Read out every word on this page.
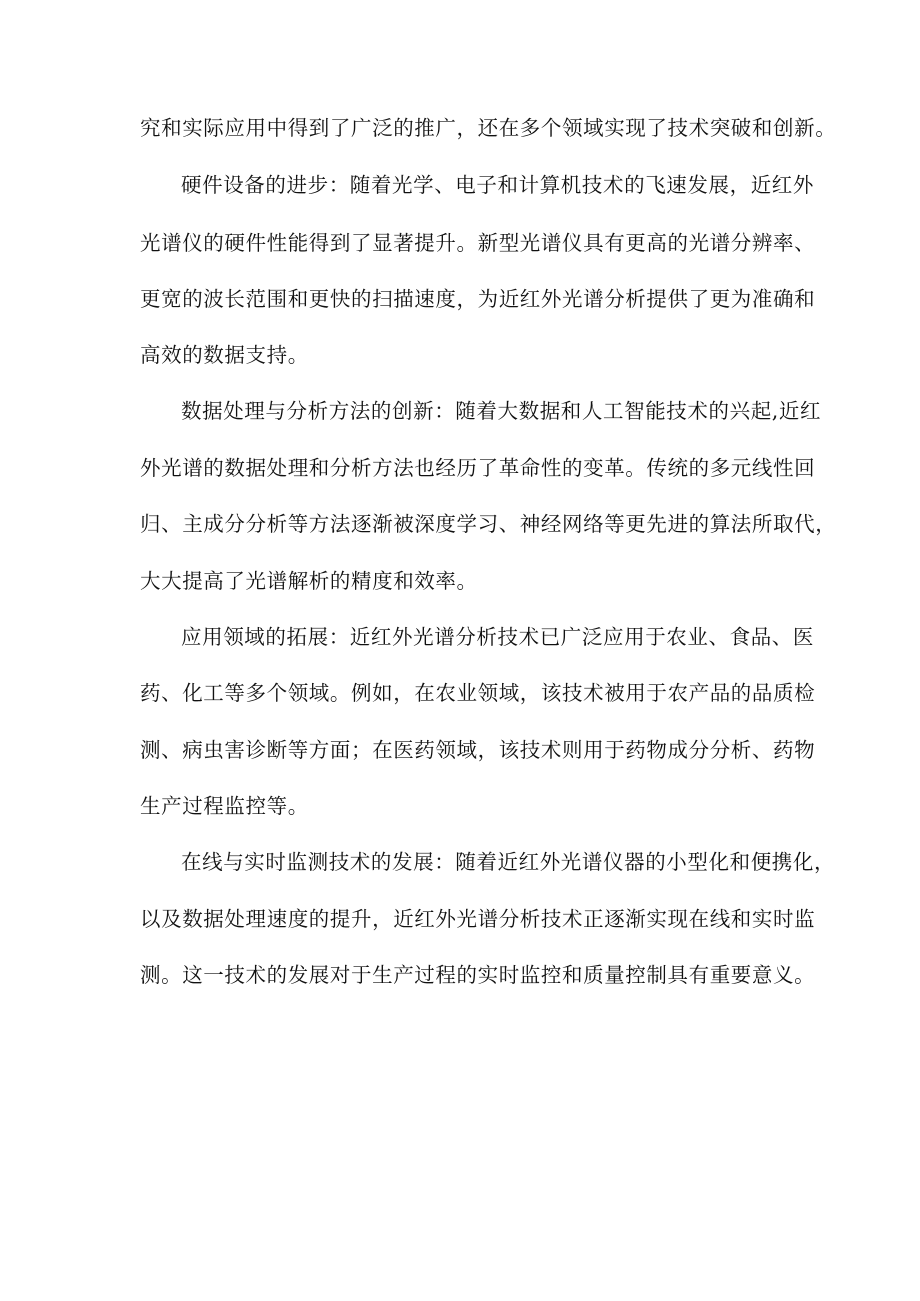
究和实际应用中得到了广泛的推广，还在多个领域实现了技术突破和创新。
硬件设备的进步：随着光学、电子和计算机技术的飞速发展，近红外
光谱仪的硬件性能得到了显著提升。新型光谱仪具有更高的光谱分辨率、
更宽的波长范围和更快的扫描速度，为近红外光谱分析提供了更为准确和
高效的数据支持。
数据处理与分析方法的创新：随着大数据和人工智能技术的兴起,近红
外光谱的数据处理和分析方法也经历了革命性的变革。传统的多元线性回
归、主成分分析等方法逐渐被深度学习、神经网络等更先进的算法所取代，
大大提高了光谱解析的精度和效率。
应用领域的拓展：近红外光谱分析技术已广泛应用于农业、食品、医
药、化工等多个领域。例如，在农业领域，该技术被用于农产品的品质检
测、病虫害诊断等方面；在医药领域，该技术则用于药物成分分析、药物
生产过程监控等。
在线与实时监测技术的发展：随着近红外光谱仪器的小型化和便携化，
以及数据处理速度的提升，近红外光谱分析技术正逐渐实现在线和实时监
测。这一技术的发展对于生产过程的实时监控和质量控制具有重要意义。
